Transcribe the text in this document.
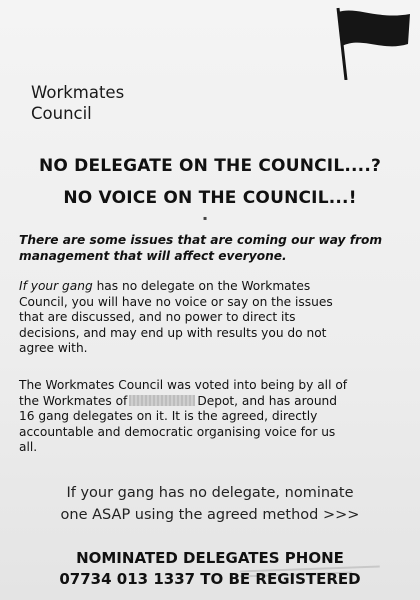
Workmates
Council
NO DELEGATE ON THE COUNCIL....?
NO VOICE ON THE COUNCIL...!
▪
There are some issues that are coming our way from
management that will affect everyone.
If your gang has no delegate on the Workmates
Council, you will have no voice or say on the issues
that are discussed, and no power to direct its
decisions, and may end up with results you do not
agree with.
The Workmates Council was voted into being by all of
the Workmates of	Depot, and has around
16 gang delegates on it. It is the agreed, directly
accountable and democratic organising voice for us
all.
If your gang has no delegate, nominate
one ASAP using the agreed method >>>
NOMINATED DELEGATES PHONE
07734 013 1337 TO BE REGISTERED
